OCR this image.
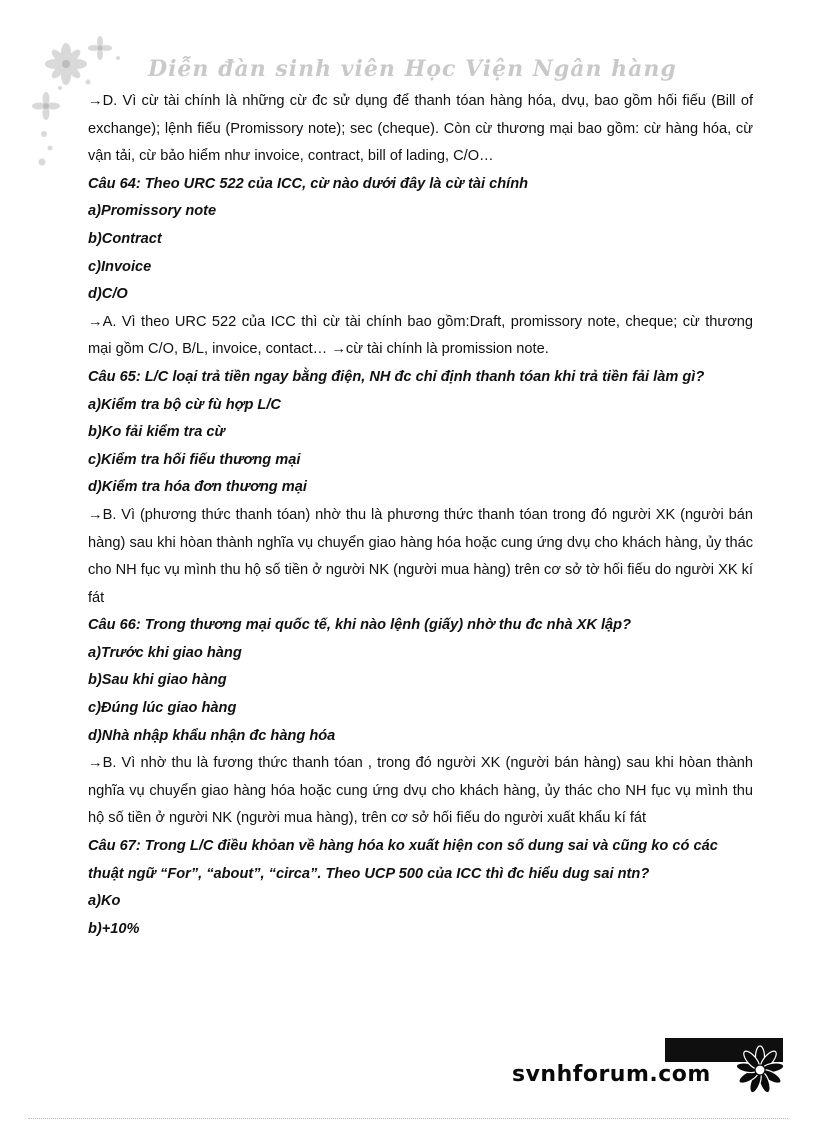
Diễn đàn sinh viên Học Viện Ngân hàng
→D. Vì cừ tài chính là những cừ đc sử dụng để thanh tóan hàng hóa, dvụ, bao gồm hối fiếu (Bill of exchange); lệnh fiếu (Promissory note); sec (cheque). Còn cừ thương mại bao gồm: cừ hàng hóa, cừ vận tải, cừ bảo hiểm như invoice, contract, bill of lading, C/O…
Câu 64: Theo URC 522 của ICC, cừ nào dưới đây là cừ tài chính
a)Promissory note
b)Contract
c)Invoice
d)C/O
→A. Vì theo URC 522 của ICC thì cừ tài chính bao gồm:Draft, promissory note, cheque; cừ thương mại gồm C/O, B/L, invoice, contact… →cừ tài chính là promission note.
Câu 65: L/C loại trả tiền ngay bằng điện, NH đc chỉ định thanh tóan khi trả tiền fải làm gì?
a)Kiểm tra bộ cừ fù hợp L/C
b)Ko fải kiểm tra cừ
c)Kiểm tra hối fiếu thương mại
d)Kiểm tra hóa đơn thương mại
→B. Vì (phương thức thanh tóan) nhờ thu là phương thức thanh tóan trong đó người XK (người bán hàng) sau khi hòan thành nghĩa vụ chuyển giao hàng hóa hoặc cung ứng dvụ cho khách hàng, ủy thác cho NH fục vụ mình thu hộ số tiền ở người NK (người mua hàng) trên cơ sở tờ hối fiếu do người XK kí fát
Câu 66: Trong thương mại quốc tế, khi nào lệnh (giấy) nhờ thu đc nhà XK lập?
a)Trước khi giao hàng
b)Sau khi giao hàng
c)Đúng lúc giao hàng
d)Nhà nhập khẩu nhận đc hàng hóa
→B. Vì nhờ thu là fương thức thanh tóan , trong đó người XK (người bán hàng) sau khi hòan thành nghĩa vụ chuyển giao hàng hóa hoặc cung ứng dvụ cho khách hàng, ủy thác cho NH fục vụ mình thu hộ số tiền ở người NK (người mua hàng), trên cơ sở hối fiếu do người xuất khẩu kí fát
Câu 67: Trong L/C điều khỏan về hàng hóa ko xuất hiện con số dung sai và cũng ko có các thuật ngữ “For”, “about”, “circa”. Theo UCP 500 của ICC thì đc hiểu dug sai ntn?
a)Ko
b)+10%
svnhforum.com
